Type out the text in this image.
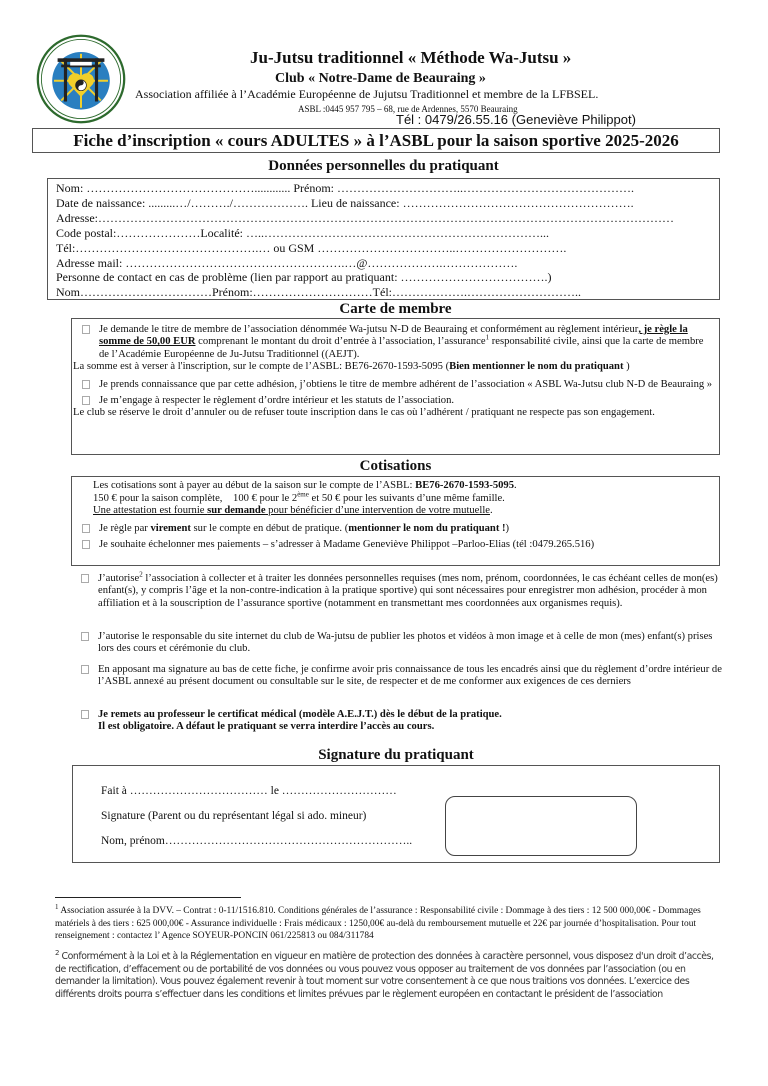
Ju-Jutsu traditionnel « Méthode Wa-Jutsu »
Club « Notre-Dame de Beauraing »
Association affiliée à l’Académie Européenne de Jujutsu Traditionnel et membre de la LFBSEL.
ASBL :0445 957 795 – 68, rue de Ardennes, 5570 Beauraing
Tél : 0479/26.55.16 (Geneviève Philippot)
Fiche d’inscription « cours ADULTES » à l’ASBL pour la saison sportive 2025-2026
Données personnelles du pratiquant
Nom: ……………………………………............ Prénom: …………………………..…………………………………….
Date de naissance: .........…/………./………………. Lieu de naissance: ………………………………………………….
Adresse:………………………………………………………………………………………………………………………………
Code postal:…………………Localité: …..……………………………………………………………...
Tél:……………………………………….… ou GSM ……………………………..……………………….
Adresse mail: ……………………………………………….…@……………….……………….
Personne de contact en cas de problème (lien par rapport au pratiquant: ……………………………….)
Nom……………………………Prénom:…………………………Tél:……………….………………………..
Carte de membre
Je demande le titre de membre de l’association dénommée Wa-jutsu N-D de Beauraing et conformément au règlement intérieur, je règle la somme de 50,00 EUR comprenant le montant du droit d’entrée à l’association, l’assurance$^1$ responsabilité civile, ainsi que la carte de membre de l’Académie Européenne de Ju-Jutsu Traditionnel ((AEJT).
La somme est à verser à l'inscription, sur le compte de l’ASBL: BE76-2670-1593-5095 (Bien mentionner le nom du pratiquant )
Je prends connaissance que par cette adhésion, j’obtiens le titre de membre adhérent de l’association « ASBL Wa-Jutsu club N-D de Beauraing »
Je m’engage à respecter le règlement d’ordre intérieur et les statuts de l’association.
Le club se réserve le droit d’annuler ou de refuser toute inscription dans le cas où l’adhérent / pratiquant ne respecte pas son engagement.
Cotisations
Les cotisations sont à payer au début de la saison sur le compte de l’ASBL: BE76-2670-1593-5095.
150 € pour la saison complète,    100 € pour le 2ème et 50 € pour les suivants d’une même famille.
Une attestation est fournie sur demande pour bénéficier d’une intervention de votre mutuelle.
Je règle par virement sur le compte en début de pratique. (mentionner le nom du pratiquant !)
Je souhaite échelonner mes paiements – s’adresser à Madame Geneviève Philippot –Parloo-Elias (tél :0479.265.516)
J’autorise$^2$ l’association à collecter et à traiter les données personnelles requises (mes nom, prénom, coordonnées, le cas échéant celles de mon(es) enfant(s), y compris l’âge et la non-contre-indication à la pratique sportive) qui sont nécessaires pour enregistrer mon adhésion, procéder à mon affiliation et à la souscription de l’assurance sportive (notamment en transmettant mes coordonnées aux organismes requis).
J’autorise le responsable du site internet du club de Wa-jutsu de publier les photos et vidéos à mon image et à celle de mon (mes) enfant(s) prises lors des cours et cérémonie du club.
En apposant ma signature au bas de cette fiche, je confirme avoir pris connaissance de tous les encadrés ainsi que du règlement d’ordre intérieur de l’ASBL annexé au présent document ou consultable sur le site, de respecter et de me conformer aux exigences de ces derniers
Je remets au professeur le certificat médical (modèle A.E.J.T.) dès le début de la pratique.
Il est obligatoire. A défaut le pratiquant se verra interdire l’accès au cours.
Signature du pratiquant
Fait à ……………………………… le …………………………
Signature (Parent ou du représentant légal si ado. mineur)
Nom, prénom………………………………………………………..
$^1$ Association assurée à la DVV. – Contrat : 0-11/1516.810. Conditions générales de l’assurance : Responsabilité civile : Dommage à des tiers : 12 500 000,00€ - Dommages matériels à des tiers : 625 000,00€ - Assurance individuelle : Frais médicaux : 1250,00€ au-delà du remboursement mutuelle et 22€ par journée d’hospitalisation. Pour tout renseignement : contactez l’ Agence SOYEUR-PONCIN 061/225813 ou 084/311784
$^2$ Conformément à la Loi et à la Réglementation en vigueur en matière de protection des données à caractère personnel, vous disposez d'un droit d’accès, de rectification, d’effacement ou de portabilité de vos données ou vous pouvez vous opposer au traitement de vos données par l’association (ou en demander la limitation). Vous pouvez également revenir à tout moment sur votre consentement à ce que nous traitions vos données. L’exercice des différents droits pourra s’effectuer dans les conditions et limites prévues par le règlement européen en contactant le président de l’association
